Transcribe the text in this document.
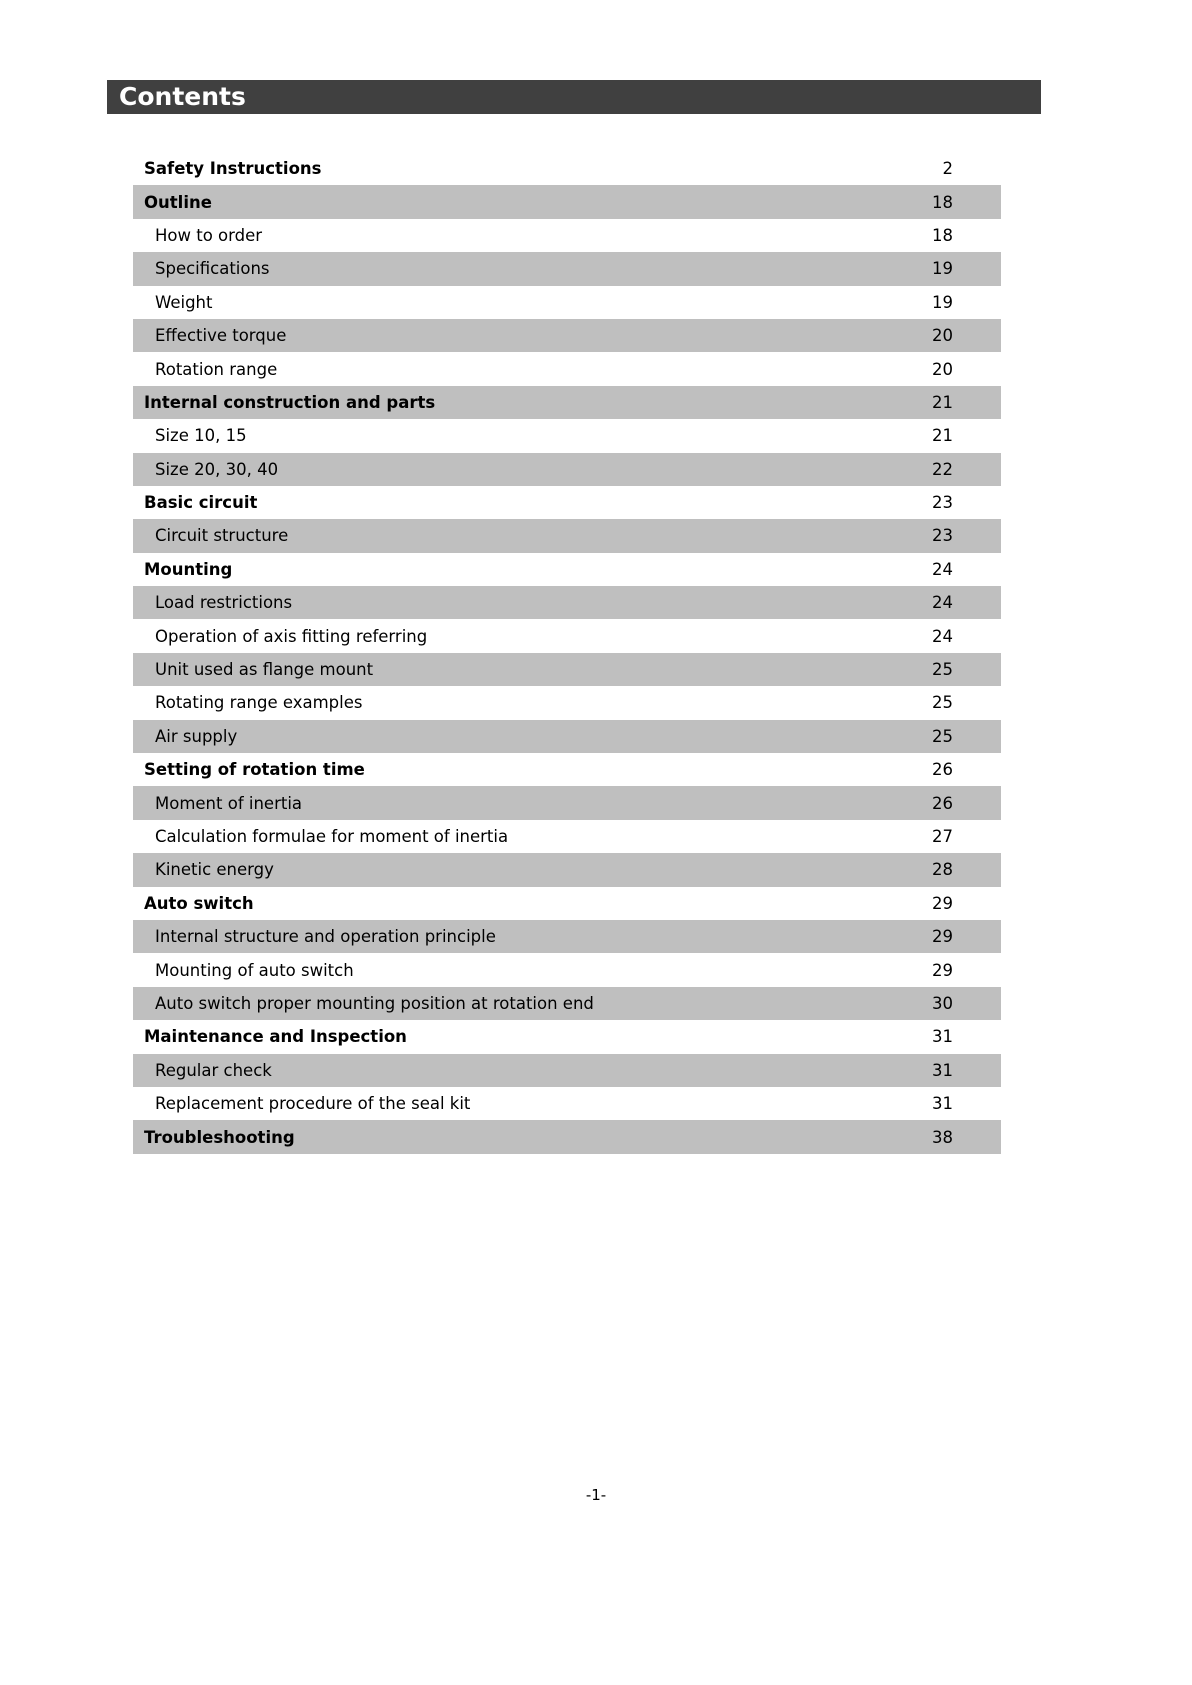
Contents
Safety Instructions	2
Outline	18
How to order	18
Specifications	19
Weight	19
Effective torque	20
Rotation range	20
Internal construction and parts	21
Size 10, 15	21
Size 20, 30, 40	22
Basic circuit	23
Circuit structure	23
Mounting	24
Load restrictions	24
Operation of axis fitting referring	24
Unit used as flange mount	25
Rotating range examples	25
Air supply	25
Setting of rotation time	26
Moment of inertia	26
Calculation formulae for moment of inertia	27
Kinetic energy	28
Auto switch	29
Internal structure and operation principle	29
Mounting of auto switch	29
Auto switch proper mounting position at rotation end	30
Maintenance and Inspection	31
Regular check	31
Replacement procedure of the seal kit	31
Troubleshooting	38
-1-
